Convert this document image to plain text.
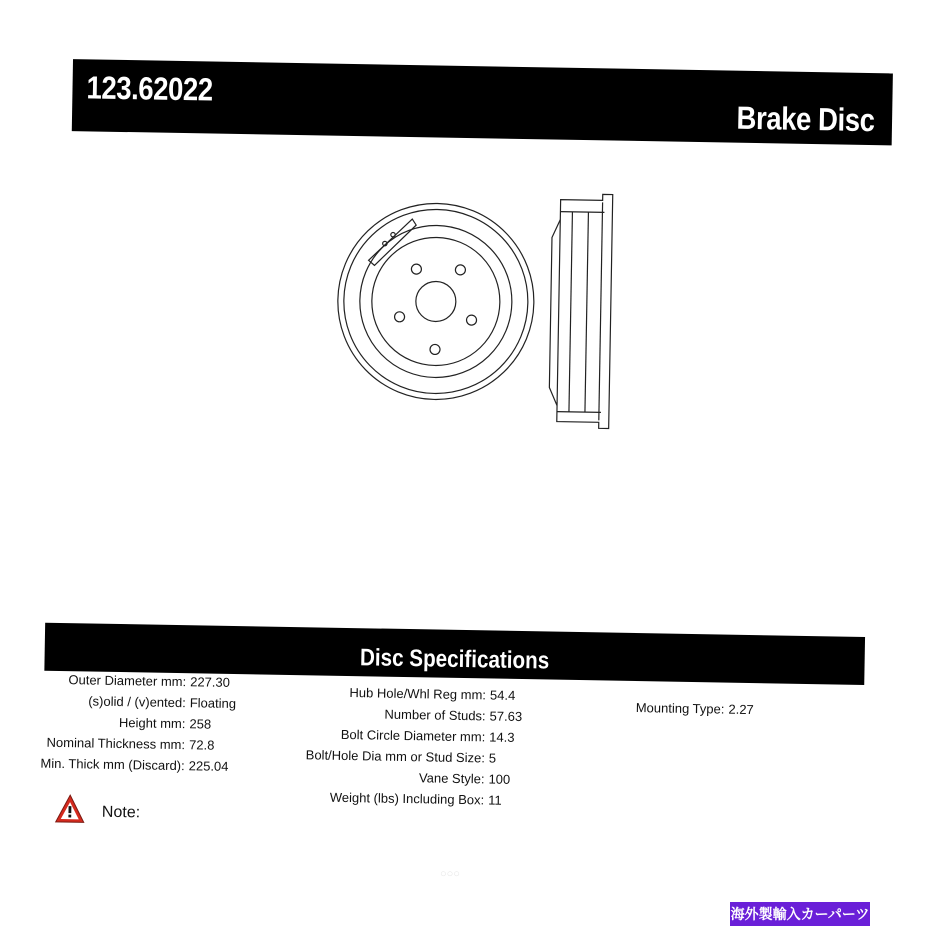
123.62022
Brake Disc
Disc Specifications
Outer Diameter mm: 227.30
(s)olid / (v)ented: Floating
Height mm: 258
Nominal Thickness mm: 72.8
Min. Thick mm (Discard): 225.04
Hub Hole/Whl Reg mm: 54.4
Number of Studs: 57.63
Bolt Circle Diameter mm: 14.3
Bolt/Hole Dia mm or Stud Size: 5
Vane Style: 100
Weight (lbs) Including Box: 11
Mounting Type: 2.27
Note:
○○○
海外製輸入カーパーツ
